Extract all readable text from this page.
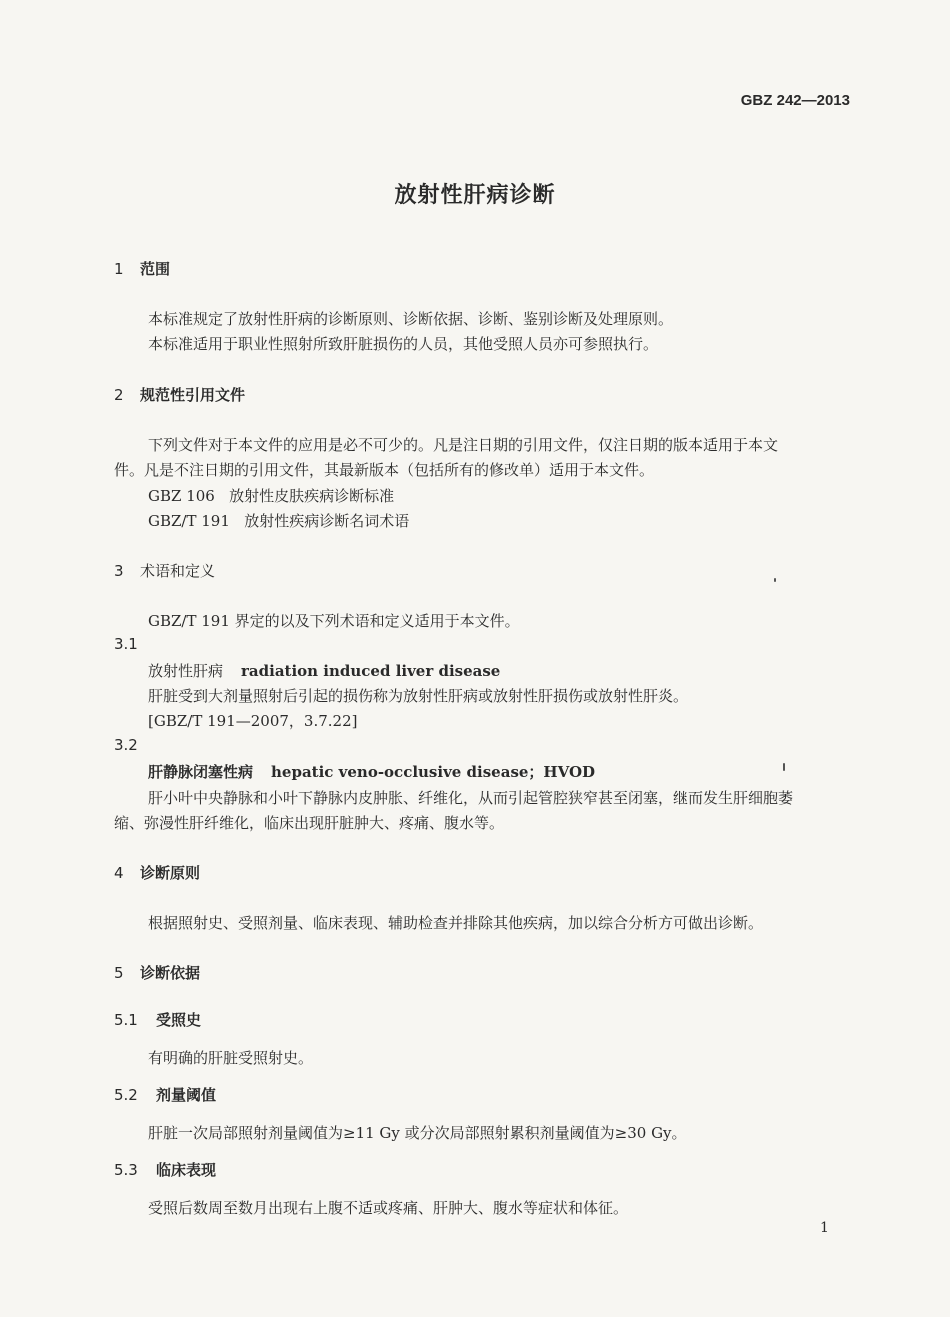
GBZ 242—2013
放射性肝病诊断
1 范围
本标准规定了放射性肝病的诊断原则、诊断依据、诊断、鉴别诊断及处理原则。
本标准适用于职业性照射所致肝脏损伤的人员，其他受照人员亦可参照执行。
2 规范性引用文件
下列文件对于本文件的应用是必不可少的。凡是注日期的引用文件，仅注日期的版本适用于本文
件。凡是不注日期的引用文件，其最新版本（包括所有的修改单）适用于本文件。
GBZ 106   放射性皮肤疾病诊断标准
GBZ/T 191   放射性疾病诊断名词术语
3 术语和定义
GBZ/T 191 界定的以及下列术语和定义适用于本文件。
3.1
放射性肝病 radiation induced liver disease
肝脏受到大剂量照射后引起的损伤称为放射性肝病或放射性肝损伤或放射性肝炎。
[GBZ/T 191—2007，3.7.22]
3.2
肝静脉闭塞性病 hepatic veno-occlusive disease；HVOD
肝小叶中央静脉和小叶下静脉内皮肿胀、纤维化，从而引起管腔狭窄甚至闭塞，继而发生肝细胞萎
缩、弥漫性肝纤维化，临床出现肝脏肿大、疼痛、腹水等。
4 诊断原则
根据照射史、受照剂量、临床表现、辅助检查并排除其他疾病，加以综合分析方可做出诊断。
5 诊断依据
5.1 受照史
有明确的肝脏受照射史。
5.2 剂量阈值
肝脏一次局部照射剂量阈值为≥11 Gy 或分次局部照射累积剂量阈值为≥30 Gy。
5.3 临床表现
受照后数周至数月出现右上腹不适或疼痛、肝肿大、腹水等症状和体征。
1
